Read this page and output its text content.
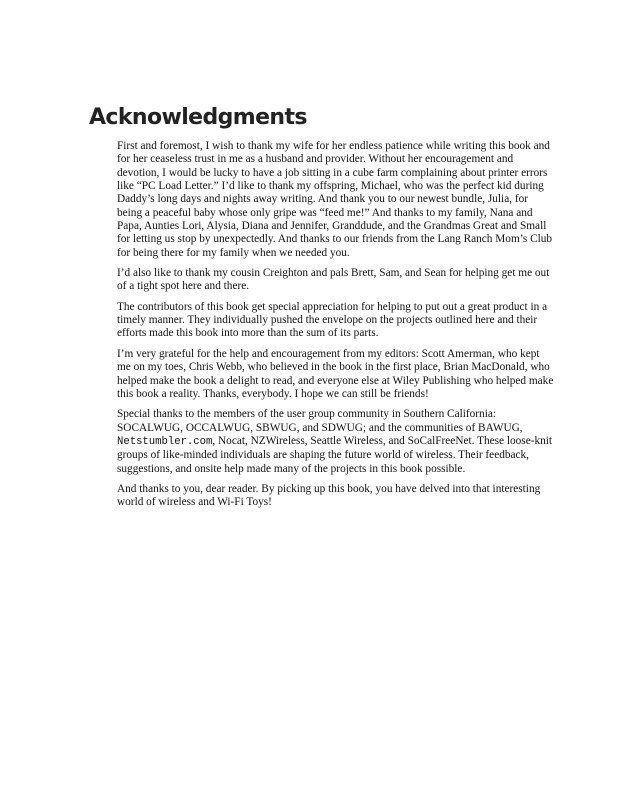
Acknowledgments

First and foremost, I wish to thank my wife for her endless patience while writing this book and for her ceaseless trust in me as a husband and provider. Without her encouragement and devotion, I would be lucky to have a job sitting in a cube farm complaining about printer errors like “PC Load Letter.” I’d like to thank my offspring, Michael, who was the perfect kid during Daddy’s long days and nights away writing. And thank you to our newest bundle, Julia, for being a peaceful baby whose only gripe was “feed me!” And thanks to my family, Nana and Papa, Aunties Lori, Alysia, Diana and Jennifer, Granddude, and the Grandmas Great and Small for letting us stop by unexpectedly. And thanks to our friends from the Lang Ranch Mom’s Club for being there for my family when we needed you.

I’d also like to thank my cousin Creighton and pals Brett, Sam, and Sean for helping get me out of a tight spot here and there.

The contributors of this book get special appreciation for helping to put out a great product in a timely manner. They individually pushed the envelope on the projects outlined here and their efforts made this book into more than the sum of its parts.

I’m very grateful for the help and encouragement from my editors: Scott Amerman, who kept me on my toes, Chris Webb, who believed in the book in the first place, Brian MacDonald, who helped make the book a delight to read, and everyone else at Wiley Publishing who helped make this book a reality. Thanks, everybody. I hope we can still be friends!

Special thanks to the members of the user group community in Southern California: SOCALWUG, OCCALWUG, SBWUG, and SDWUG; and the communities of BAWUG, Netstumbler.com, Nocat, NZWireless, Seattle Wireless, and SoCalFreeNet. These loose-knit groups of like-minded individuals are shaping the future world of wireless. Their feedback, suggestions, and onsite help made many of the projects in this book possible.

And thanks to you, dear reader. By picking up this book, you have delved into that interesting world of wireless and Wi-Fi Toys!
